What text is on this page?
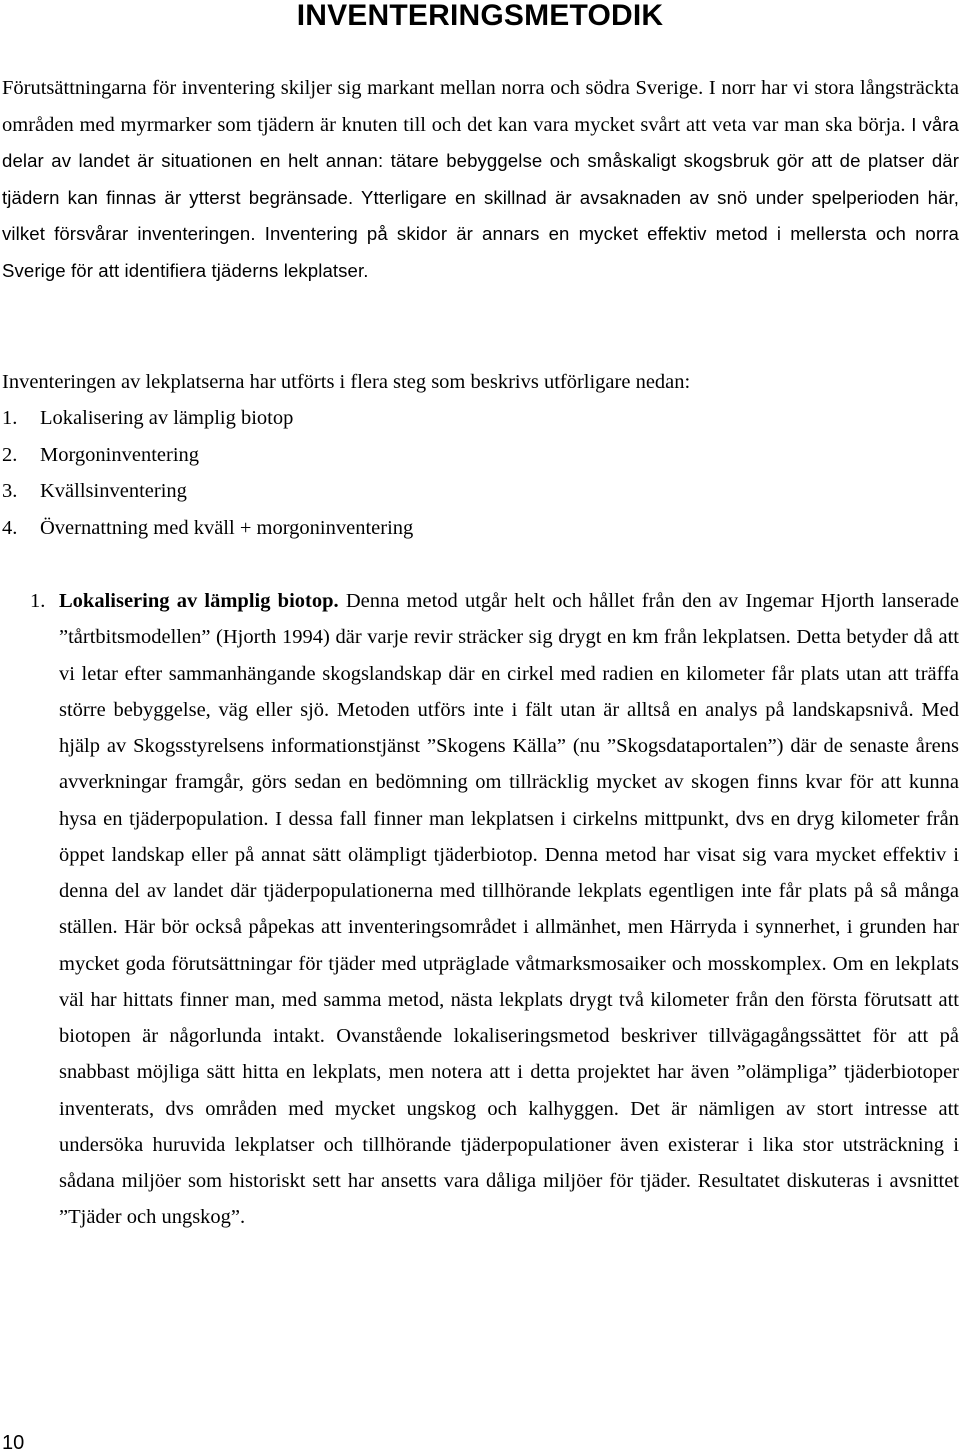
INVENTERINGSMETODIK

Förutsättningarna för inventering skiljer sig markant mellan norra och södra Sverige. I norr har vi stora långsträckta områden med myrmarker som tjädern är knuten till och det kan vara mycket svårt att veta var man ska börja. I våra delar av landet är situationen en helt annan: tätare bebyggelse och småskaligt skogsbruk gör att de platser där tjädern kan finnas är ytterst begränsade. Ytterligare en skillnad är avsaknaden av snö under spelperioden här, vilket försvårar inventeringen. Inventering på skidor är annars en mycket effektiv metod i mellersta och norra Sverige för att identifiera tjäderns lekplatser.

Inventeringen av lekplatserna har utförts i flera steg som beskrivs utförligare nedan:

1. Lokalisering av lämplig biotop
2. Morgoninventering
3. Kvällsinventering
4. Övernattning med kväll + morgoninventering
1. Lokalisering av lämplig biotop. Denna metod utgår helt och hållet från den av Ingemar Hjorth lanserade ”tårtbitsmodellen” (Hjorth 1994) där varje revir sträcker sig drygt en km från lekplatsen. Detta betyder då att vi letar efter sammanhängande skogslandskap där en cirkel med radien en kilometer får plats utan att träffa större bebyggelse, väg eller sjö. Metoden utförs inte i fält utan är alltså en analys på landskapsnivå. Med hjälp av Skogsstyrelsens informationstjänst ”Skogens Källa” (nu ”Skogsdataportalen”) där de senaste årens avverkningar framgår, görs sedan en bedömning om tillräcklig mycket av skogen finns kvar för att kunna hysa en tjäderpopulation. I dessa fall finner man lekplatsen i cirkelns mittpunkt, dvs en dryg kilometer från öppet landskap eller på annat sätt olämpligt tjäderbiotop. Denna metod har visat sig vara mycket effektiv i denna del av landet där tjäderpopulationerna med tillhörande lekplats egentligen inte får plats på så många ställen. Här bör också påpekas att inventeringsområdet i allmänhet, men Härryda i synnerhet, i grunden har mycket goda förutsättningar för tjäder med utpräglade våtmarksmosaiker och mosskomplex. Om en lekplats väl har hittats finner man, med samma metod, nästa lekplats drygt två kilometer från den första förutsatt att biotopen är någorlunda intakt. Ovanstående lokaliseringsmetod beskriver tillvägagångssättet för att på snabbast möjliga sätt hitta en lekplats, men notera att i detta projektet har även ”olämpliga” tjäderbiotoper inventerats, dvs områden med mycket ungskog och kalhyggen. Det är nämligen av stort intresse att undersöka huruvida lekplatser och tillhörande tjäderpopulationer även existerar i lika stor utsträckning i sådana miljöer som historiskt sett har ansetts vara dåliga miljöer för tjäder. Resultatet diskuteras i avsnittet ”Tjäder och ungskog”.
10
